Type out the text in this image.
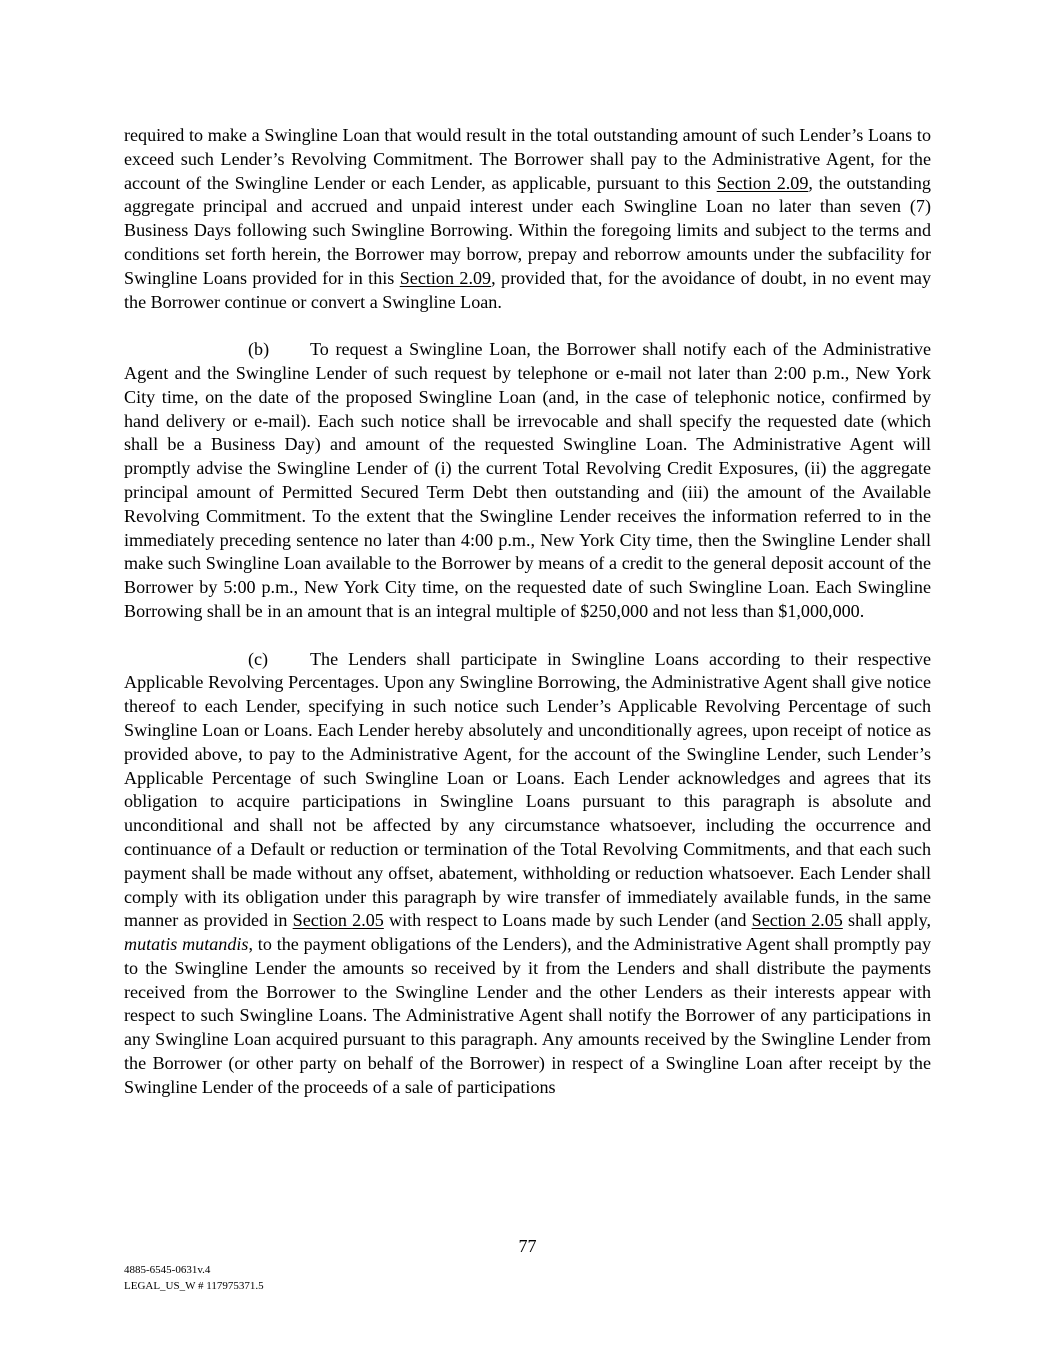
required to make a Swingline Loan that would result in the total outstanding amount of such Lender’s Loans to exceed such Lender’s Revolving Commitment. The Borrower shall pay to the Administrative Agent, for the account of the Swingline Lender or each Lender, as applicable, pursuant to this Section 2.09, the outstanding aggregate principal and accrued and unpaid interest under each Swingline Loan no later than seven (7) Business Days following such Swingline Borrowing. Within the foregoing limits and subject to the terms and conditions set forth herein, the Borrower may borrow, prepay and reborrow amounts under the subfacility for Swingline Loans provided for in this Section 2.09, provided that, for the avoidance of doubt, in no event may the Borrower continue or convert a Swingline Loan.

(b) To request a Swingline Loan, the Borrower shall notify each of the Administrative Agent and the Swingline Lender of such request by telephone or e-mail not later than 2:00 p.m., New York City time, on the date of the proposed Swingline Loan (and, in the case of telephonic notice, confirmed by hand delivery or e-mail). Each such notice shall be irrevocable and shall specify the requested date (which shall be a Business Day) and amount of the requested Swingline Loan. The Administrative Agent will promptly advise the Swingline Lender of (i) the current Total Revolving Credit Exposures, (ii) the aggregate principal amount of Permitted Secured Term Debt then outstanding and (iii) the amount of the Available Revolving Commitment. To the extent that the Swingline Lender receives the information referred to in the immediately preceding sentence no later than 4:00 p.m., New York City time, then the Swingline Lender shall make such Swingline Loan available to the Borrower by means of a credit to the general deposit account of the Borrower by 5:00 p.m., New York City time, on the requested date of such Swingline Loan. Each Swingline Borrowing shall be in an amount that is an integral multiple of $250,000 and not less than $1,000,000.

(c) The Lenders shall participate in Swingline Loans according to their respective Applicable Revolving Percentages. Upon any Swingline Borrowing, the Administrative Agent shall give notice thereof to each Lender, specifying in such notice such Lender’s Applicable Revolving Percentage of such Swingline Loan or Loans. Each Lender hereby absolutely and unconditionally agrees, upon receipt of notice as provided above, to pay to the Administrative Agent, for the account of the Swingline Lender, such Lender’s Applicable Percentage of such Swingline Loan or Loans. Each Lender acknowledges and agrees that its obligation to acquire participations in Swingline Loans pursuant to this paragraph is absolute and unconditional and shall not be affected by any circumstance whatsoever, including the occurrence and continuance of a Default or reduction or termination of the Total Revolving Commitments, and that each such payment shall be made without any offset, abatement, withholding or reduction whatsoever. Each Lender shall comply with its obligation under this paragraph by wire transfer of immediately available funds, in the same manner as provided in Section 2.05 with respect to Loans made by such Lender (and Section 2.05 shall apply, mutatis mutandis, to the payment obligations of the Lenders), and the Administrative Agent shall promptly pay to the Swingline Lender the amounts so received by it from the Lenders and shall distribute the payments received from the Borrower to the Swingline Lender and the other Lenders as their interests appear with respect to such Swingline Loans. The Administrative Agent shall notify the Borrower of any participations in any Swingline Loan acquired pursuant to this paragraph. Any amounts received by the Swingline Lender from the Borrower (or other party on behalf of the Borrower) in respect of a Swingline Loan after receipt by the Swingline Lender of the proceeds of a sale of participations

77
4885-6545-0631v.4
LEGAL_US_W # 117975371.5
